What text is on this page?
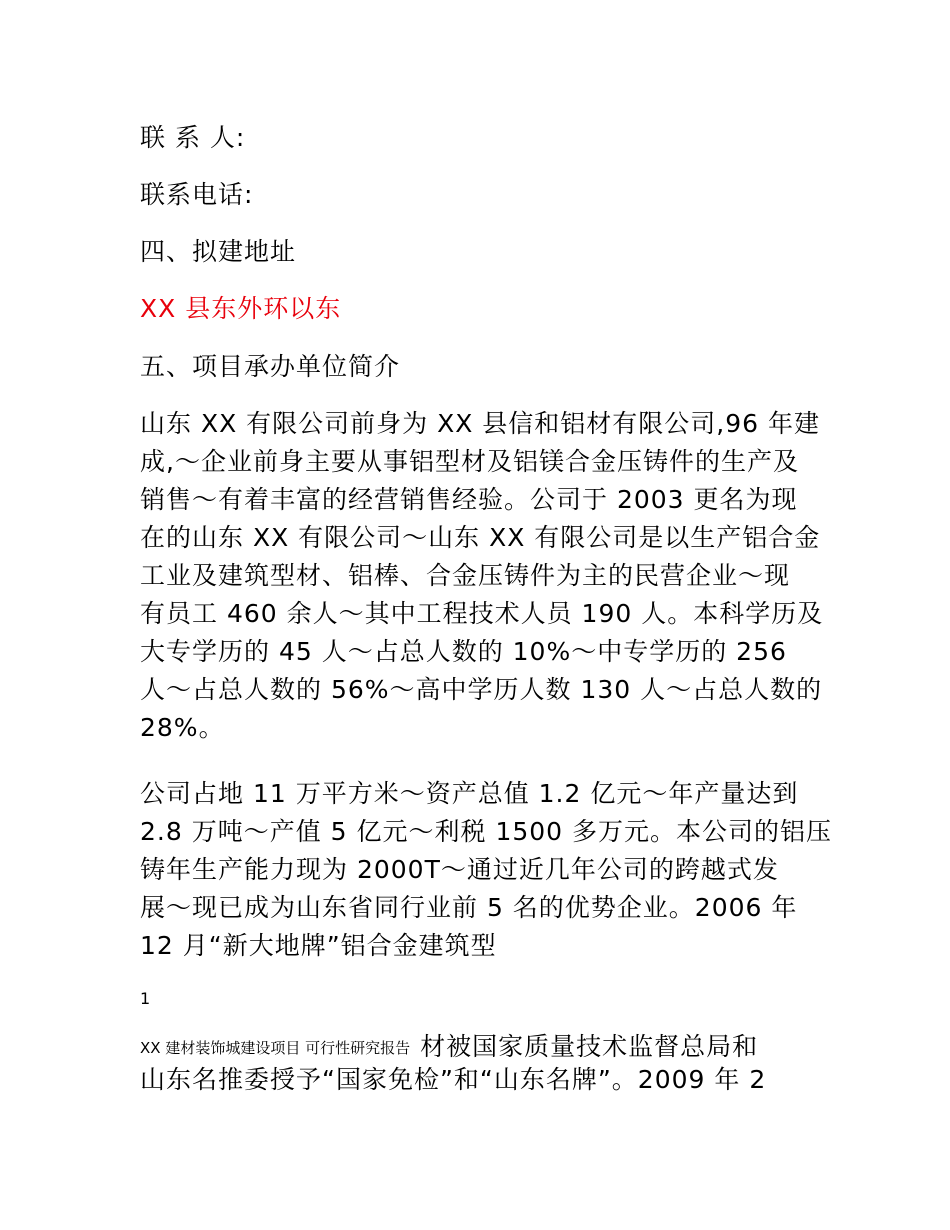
联 系 人:
联系电话:
四、拟建地址
XX 县东外环以东
五、项目承办单位简介
山东 XX 有限公司前身为 XX 县信和铝材有限公司,96 年建
成,～企业前身主要从事铝型材及铝镁合金压铸件的生产及
销售～有着丰富的经营销售经验。公司于 2003 更名为现
在的山东 XX 有限公司～山东 XX 有限公司是以生产铝合金
工业及建筑型材、铝棒、合金压铸件为主的民营企业～现
有员工 460 余人～其中工程技术人员 190 人。本科学历及
大专学历的 45 人～占总人数的 10%～中专学历的 256
人～占总人数的 56%～高中学历人数 130 人～占总人数的
28%。
公司占地 11 万平方米～资产总值 1.2 亿元～年产量达到
2.8 万吨～产值 5 亿元～利税 1500 多万元。本公司的铝压
铸年生产能力现为 2000T～通过近几年公司的跨越式发
展～现已成为山东省同行业前 5 名的优势企业。2006 年
12 月“新大地牌”铝合金建筑型
1
XX 建材装饰城建设项目 可行性研究报告 材被国家质量技术监督总局和
山东名推委授予“国家免检”和“山东名牌”。2009 年 2
